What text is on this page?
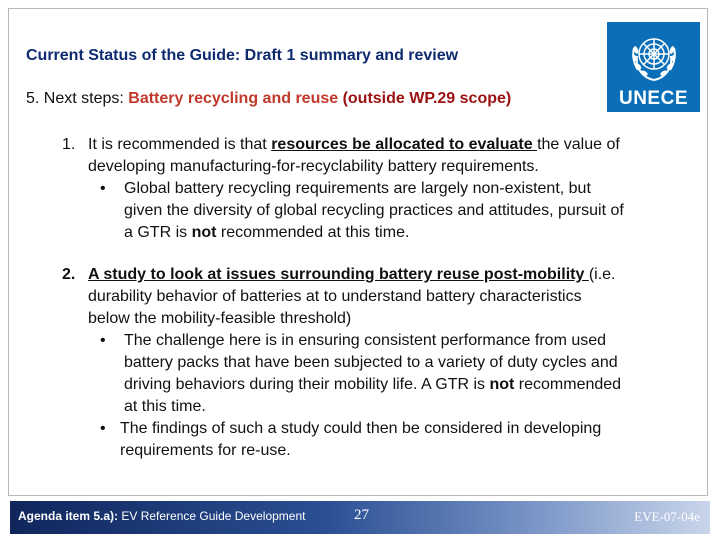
Current Status of the Guide: Draft 1 summary and review
5. Next steps: Battery recycling and reuse (outside WP.29 scope)	UNECE
1. It is recommended is that resources be allocated to evaluate the value of
developing manufacturing-for-recyclability battery requirements.
• Global battery recycling requirements are largely non-existent, but
given the diversity of global recycling practices and attitudes, pursuit of
a GTR is not recommended at this time.
2. A study to look at issues surrounding battery reuse post-mobility (i.e.
durability behavior of batteries at to understand battery characteristics
below the mobility-feasible threshold)
• The challenge here is in ensuring consistent performance from used
battery packs that have been subjected to a variety of duty cycles and
driving behaviors during their mobility life. A GTR is not recommended
at this time.
• The findings of such a study could then be considered in developing
requirements for re-use.
Agenda item 5.a): EV Reference Guide Development	27	EVE-07-04e
